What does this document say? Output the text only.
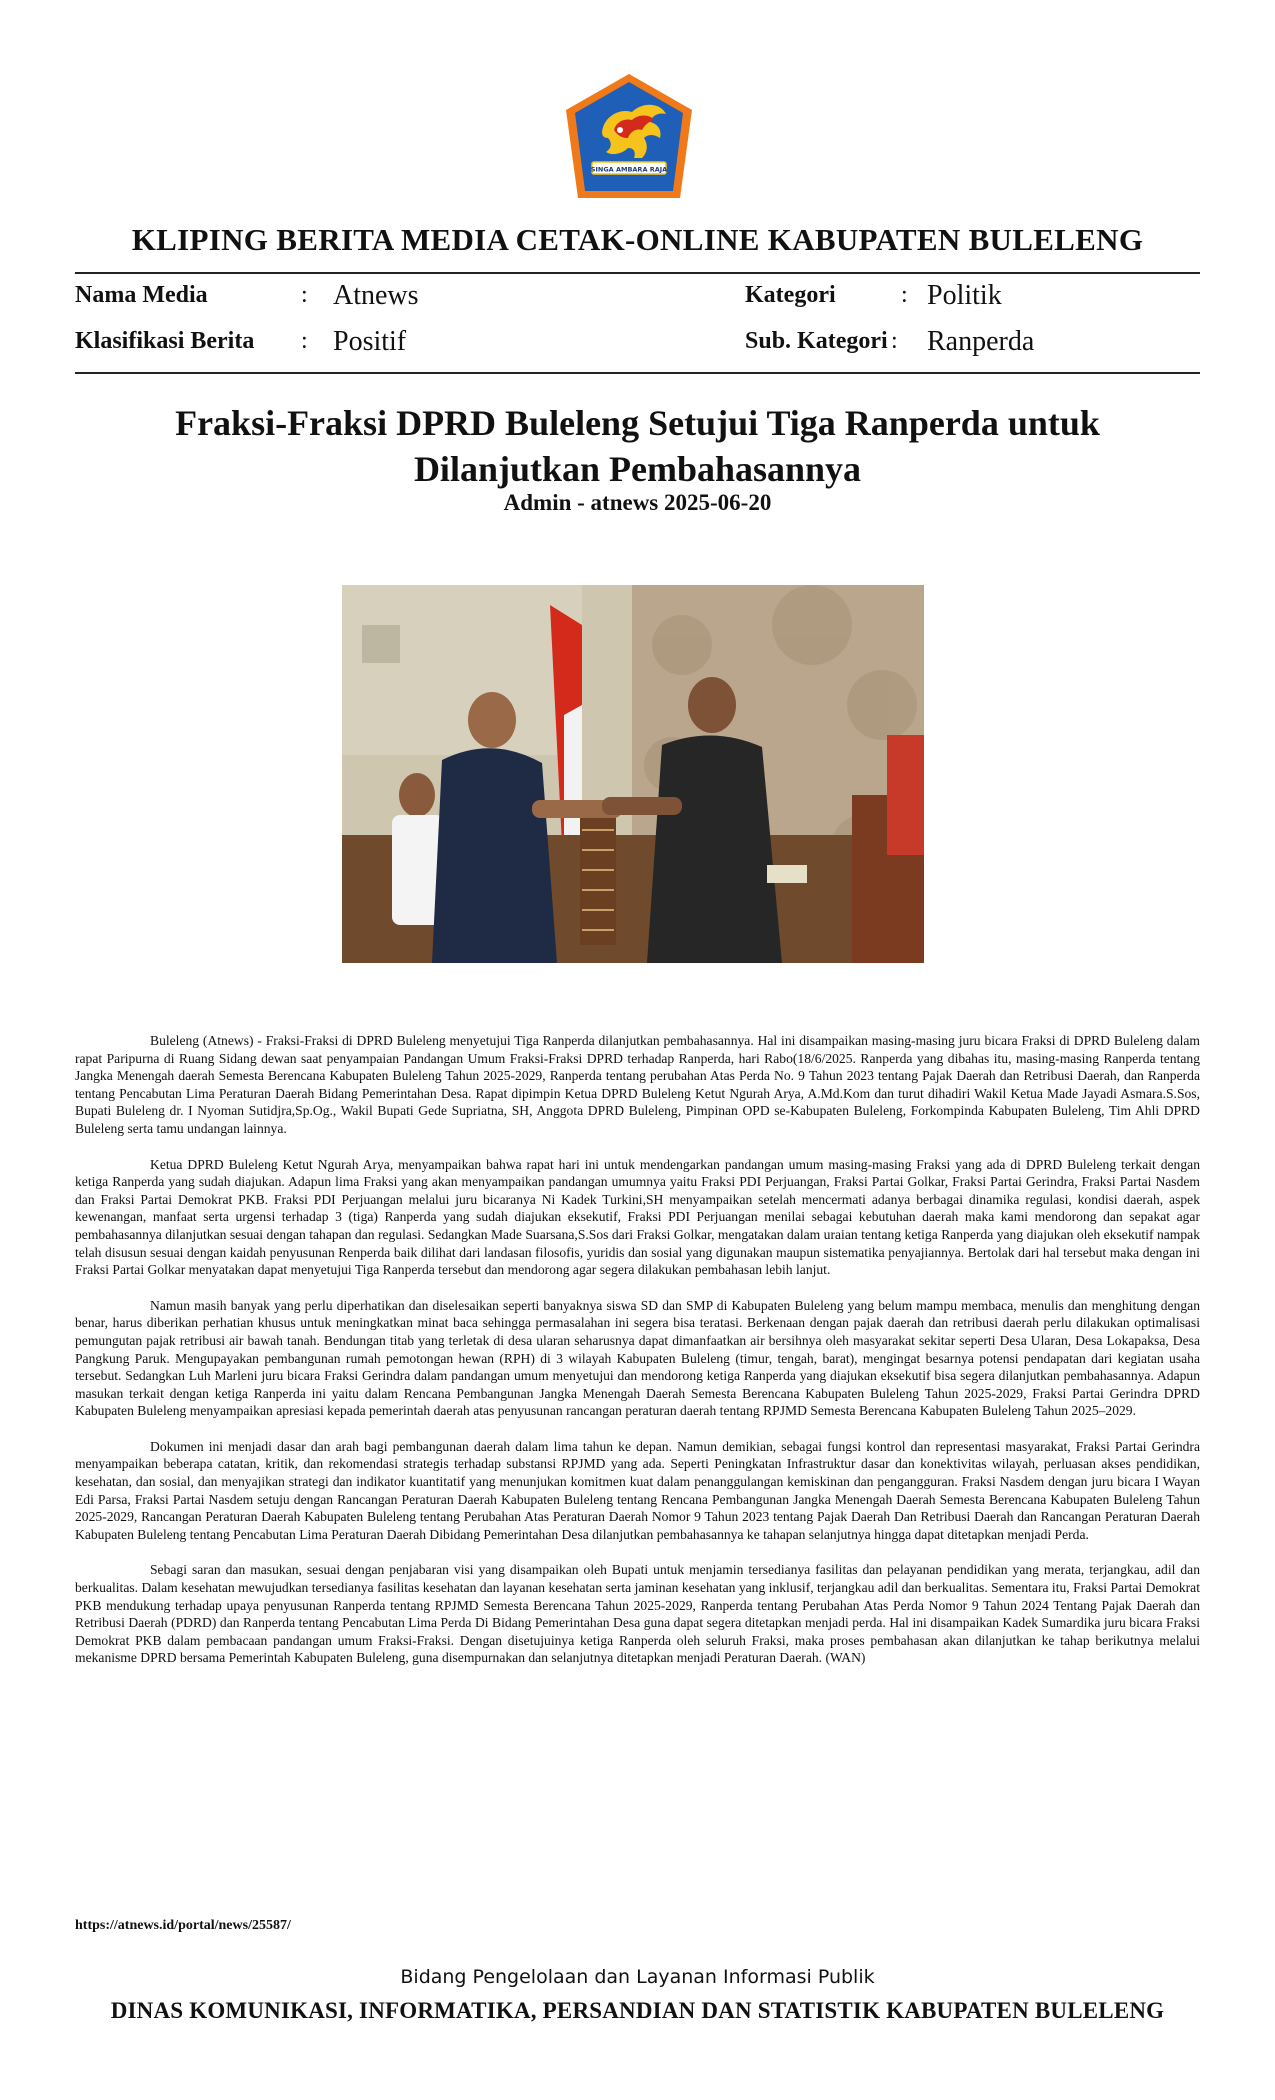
SINGA AMBARA RAJA
KLIPING BERITA MEDIA CETAK-ONLINE KABUPATEN BULELENG
Nama Media	: Atnews	Kategori	: Politik
Klasifikasi Berita : Positif	Sub. Kategori : Ranperda
Fraksi-Fraksi DPRD Buleleng Setujui Tiga Ranperda untuk
Dilanjutkan Pembahasannya
Admin - atnews 2025-06-20

Buleleng (Atnews) - Fraksi-Fraksi di DPRD Buleleng menyetujui Tiga Ranperda dilanjutkan pembahasannya. Hal ini disampaikan masing-masing juru bicara Fraksi di DPRD Buleleng dalam rapat Paripurna di Ruang Sidang dewan saat penyampaian Pandangan Umum Fraksi-Fraksi DPRD terhadap Ranperda, hari Rabo(18/6/2025. Ranperda yang dibahas itu, masing-masing Ranperda tentang Jangka Menengah daerah Semesta Berencana Kabupaten Buleleng Tahun 2025-2029, Ranperda tentang perubahan Atas Perda No. 9 Tahun 2023 tentang Pajak Daerah dan Retribusi Daerah, dan Ranperda tentang Pencabutan Lima Peraturan Daerah Bidang Pemerintahan Desa. Rapat dipimpin Ketua DPRD Buleleng Ketut Ngurah Arya, A.Md.Kom dan turut dihadiri Wakil Ketua Made Jayadi Asmara.S.Sos, Bupati Buleleng dr. I Nyoman Sutidjra,Sp.Og., Wakil Bupati Gede Supriatna, SH, Anggota DPRD Buleleng, Pimpinan OPD se-Kabupaten Buleleng, Forkompinda Kabupaten Buleleng, Tim Ahli DPRD Buleleng serta tamu undangan lainnya.

Ketua DPRD Buleleng Ketut Ngurah Arya, menyampaikan bahwa rapat hari ini untuk mendengarkan pandangan umum masing-masing Fraksi yang ada di DPRD Buleleng terkait dengan ketiga Ranperda yang sudah diajukan. Adapun lima Fraksi yang akan menyampaikan pandangan umumnya yaitu Fraksi PDI Perjuangan, Fraksi Partai Golkar, Fraksi Partai Gerindra, Fraksi Partai Nasdem dan Fraksi Partai Demokrat PKB. Fraksi PDI Perjuangan melalui juru bicaranya Ni Kadek Turkini,SH menyampaikan setelah mencermati adanya berbagai dinamika regulasi, kondisi daerah, aspek kewenangan, manfaat serta urgensi terhadap 3 (tiga) Ranperda yang sudah diajukan eksekutif, Fraksi PDI Perjuangan menilai sebagai kebutuhan daerah maka kami mendorong dan sepakat agar pembahasannya dilanjutkan sesuai dengan tahapan dan regulasi. Sedangkan Made Suarsana,S.Sos dari Fraksi Golkar, mengatakan dalam uraian tentang ketiga Ranperda yang diajukan oleh eksekutif nampak telah disusun sesuai dengan kaidah penyusunan Renperda baik dilihat dari landasan filosofis, yuridis dan sosial yang digunakan maupun sistematika penyajiannya. Bertolak dari hal tersebut maka dengan ini Fraksi Partai Golkar menyatakan dapat menyetujui Tiga Ranperda tersebut dan mendorong agar segera dilakukan pembahasan lebih lanjut.

Namun masih banyak yang perlu diperhatikan dan diselesaikan seperti banyaknya siswa SD dan SMP di Kabupaten Buleleng yang belum mampu membaca, menulis dan menghitung dengan benar, harus diberikan perhatian khusus untuk meningkatkan minat baca sehingga permasalahan ini segera bisa teratasi. Berkenaan dengan pajak daerah dan retribusi daerah perlu dilakukan optimalisasi pemungutan pajak retribusi air bawah tanah. Bendungan titab yang terletak di desa ularan seharusnya dapat dimanfaatkan air bersihnya oleh masyarakat sekitar seperti Desa Ularan, Desa Lokapaksa, Desa Pangkung Paruk. Mengupayakan pembangunan rumah pemotongan hewan (RPH) di 3 wilayah Kabupaten Buleleng (timur, tengah, barat), mengingat besarnya potensi pendapatan dari kegiatan usaha tersebut. Sedangkan Luh Marleni juru bicara Fraksi Gerindra dalam pandangan umum menyetujui dan mendorong ketiga Ranperda yang diajukan eksekutif bisa segera dilanjutkan pembahasannya. Adapun masukan terkait dengan ketiga Ranperda ini yaitu dalam Rencana Pembangunan Jangka Menengah Daerah Semesta Berencana Kabupaten Buleleng Tahun 2025-2029, Fraksi Partai Gerindra DPRD Kabupaten Buleleng menyampaikan apresiasi kepada pemerintah daerah atas penyusunan rancangan peraturan daerah tentang RPJMD Semesta Berencana Kabupaten Buleleng Tahun 2025–2029.

Dokumen ini menjadi dasar dan arah bagi pembangunan daerah dalam lima tahun ke depan. Namun demikian, sebagai fungsi kontrol dan representasi masyarakat, Fraksi Partai Gerindra menyampaikan beberapa catatan, kritik, dan rekomendasi strategis terhadap substansi RPJMD yang ada. Seperti Peningkatan Infrastruktur dasar dan konektivitas wilayah, perluasan akses pendidikan, kesehatan, dan sosial, dan menyajikan strategi dan indikator kuantitatif yang menunjukan komitmen kuat dalam penanggulangan kemiskinan dan pengangguran. Fraksi Nasdem dengan juru bicara I Wayan Edi Parsa, Fraksi Partai Nasdem setuju dengan Rancangan Peraturan Daerah Kabupaten Buleleng tentang Rencana Pembangunan Jangka Menengah Daerah Semesta Berencana Kabupaten Buleleng Tahun 2025-2029, Rancangan Peraturan Daerah Kabupaten Buleleng tentang Perubahan Atas Peraturan Daerah Nomor 9 Tahun 2023 tentang Pajak Daerah Dan Retribusi Daerah dan Rancangan Peraturan Daerah Kabupaten Buleleng tentang Pencabutan Lima Peraturan Daerah Dibidang Pemerintahan Desa dilanjutkan pembahasannya ke tahapan selanjutnya hingga dapat ditetapkan menjadi Perda.

Sebagi saran dan masukan, sesuai dengan penjabaran visi yang disampaikan oleh Bupati untuk menjamin tersedianya fasilitas dan pelayanan pendidikan yang merata, terjangkau, adil dan berkualitas. Dalam kesehatan mewujudkan tersedianya fasilitas kesehatan dan layanan kesehatan serta jaminan kesehatan yang inklusif, terjangkau adil dan berkualitas. Sementara itu, Fraksi Partai Demokrat PKB mendukung terhadap upaya penyusunan Ranperda tentang RPJMD Semesta Berencana Tahun 2025-2029, Ranperda tentang Perubahan Atas Perda Nomor 9 Tahun 2024 Tentang Pajak Daerah dan Retribusi Daerah (PDRD) dan Ranperda tentang Pencabutan Lima Perda Di Bidang Pemerintahan Desa guna dapat segera ditetapkan menjadi perda. Hal ini disampaikan Kadek Sumardika juru bicara Fraksi Demokrat PKB dalam pembacaan pandangan umum Fraksi-Fraksi. Dengan disetujuinya ketiga Ranperda oleh seluruh Fraksi, maka proses pembahasan akan dilanjutkan ke tahap berikutnya melalui mekanisme DPRD bersama Pemerintah Kabupaten Buleleng, guna disempurnakan dan selanjutnya ditetapkan menjadi Peraturan Daerah. (WAN)

https://atnews.id/portal/news/25587/
Bidang Pengelolaan dan Layanan Informasi Publik
DINAS KOMUNIKASI, INFORMATIKA, PERSANDIAN DAN STATISTIK KABUPATEN BULELENG
